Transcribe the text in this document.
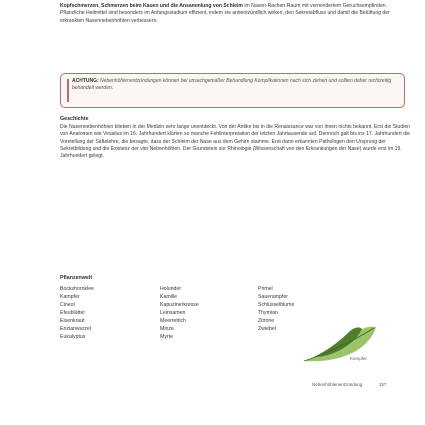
Kopfschmerzen, Schmerzen beim Kauen und die Ansammlung von Schleim im Nasen-Rachen-Raum mit vermindertem Geruchsempfinden. Pflanzliche Heilmittel sind besonders im Anfangsstadium effizient, indem sie antientzündlich wirken, den Sekretabfluss und damit die Belüftung der erkrankten Nasennebenhöhlen verbessern.
ACHTUNG: Nebenhöhlenentzündungen können bei unsachgemäßer Behandlung Komplikationen nach sich ziehen und sollten daher rechtzeitig behandelt werden.
Geschichte
Die Nasennebenhöhlen blieben in der Medizin sehr lange unentdeckt. Von der Antike bis in die Renaissance war von ihnen nichts bekannt. Erst die Studien von Anatomen wie Vesalius im 16. Jahrhundert klärten so manche Fehlinterpretation der letzten Jahrtausende auf. Dennoch galt bis ins 17. Jahrhundert die Vorstellung der Säftelehre, die besagte, dass der Schleim der Nase aus dem Gehirn stamme. Erst dann erkannten Pathologen den Ursprung der Sekretbildung und die Existenz der vier Nebenhöhlen. Der Grundstein zur Rhinologie (Wissenschaft von den Erkrankungen der Nase) wurde erst im 19. Jahrhundert gelegt.
Pflanzenwelt
Bockshornklee
Kampfer
Cineol
Efeublätter
Eisenkraut
Enzianwurzel
Eukalyptus
Holunder
Kamille
Kapuzinerkresse
Leinsamen
Meerrettich
Minze
Myrte
Primel
Sauerampfer
Schlüsselblume
Thymian
Zitrone
Zwiebel
Kampfer
Nebenhöhlenentzündung	157
